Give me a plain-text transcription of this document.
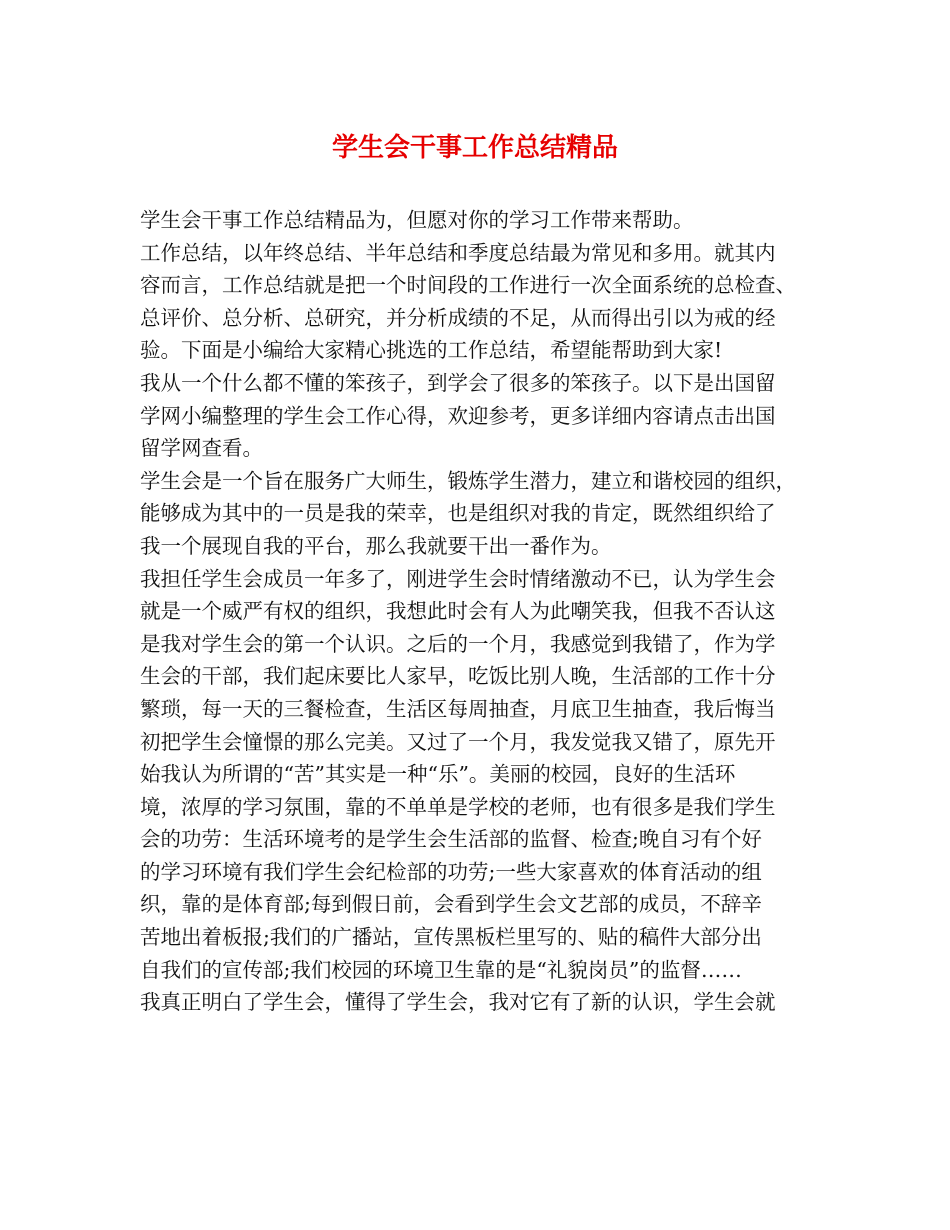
学生会干事工作总结精品
学生会干事工作总结精品为，但愿对你的学习工作带来帮助。
工作总结，以年终总结、半年总结和季度总结最为常见和多用。就其内
容而言，工作总结就是把一个时间段的工作进行一次全面系统的总检查、
总评价、总分析、总研究，并分析成绩的不足，从而得出引以为戒的经
验。下面是小编给大家精心挑选的工作总结，希望能帮助到大家!
我从一个什么都不懂的笨孩子，到学会了很多的笨孩子。以下是出国留
学网小编整理的学生会工作心得，欢迎参考，更多详细内容请点击出国
留学网查看。
学生会是一个旨在服务广大师生，锻炼学生潜力，建立和谐校园的组织，
能够成为其中的一员是我的荣幸，也是组织对我的肯定，既然组织给了
我一个展现自我的平台，那么我就要干出一番作为。
我担任学生会成员一年多了，刚进学生会时情绪激动不已，认为学生会
就是一个威严有权的组织，我想此时会有人为此嘲笑我，但我不否认这
是我对学生会的第一个认识。之后的一个月，我感觉到我错了，作为学
生会的干部，我们起床要比人家早，吃饭比别人晚，生活部的工作十分
繁琐，每一天的三餐检查，生活区每周抽查，月底卫生抽查，我后悔当
初把学生会憧憬的那么完美。又过了一个月，我发觉我又错了，原先开
始我认为所谓的“苦”其实是一种“乐”。美丽的校园，良好的生活环
境，浓厚的学习氛围，靠的不单单是学校的老师，也有很多是我们学生
会的功劳：生活环境考的是学生会生活部的监督、检查;晚自习有个好
的学习环境有我们学生会纪检部的功劳;一些大家喜欢的体育活动的组
织，靠的是体育部;每到假日前，会看到学生会文艺部的成员，不辞辛
苦地出着板报;我们的广播站，宣传黑板栏里写的、贴的稿件大部分出
自我们的宣传部;我们校园的环境卫生靠的是“礼貌岗员”的监督……
我真正明白了学生会，懂得了学生会，我对它有了新的认识，学生会就
